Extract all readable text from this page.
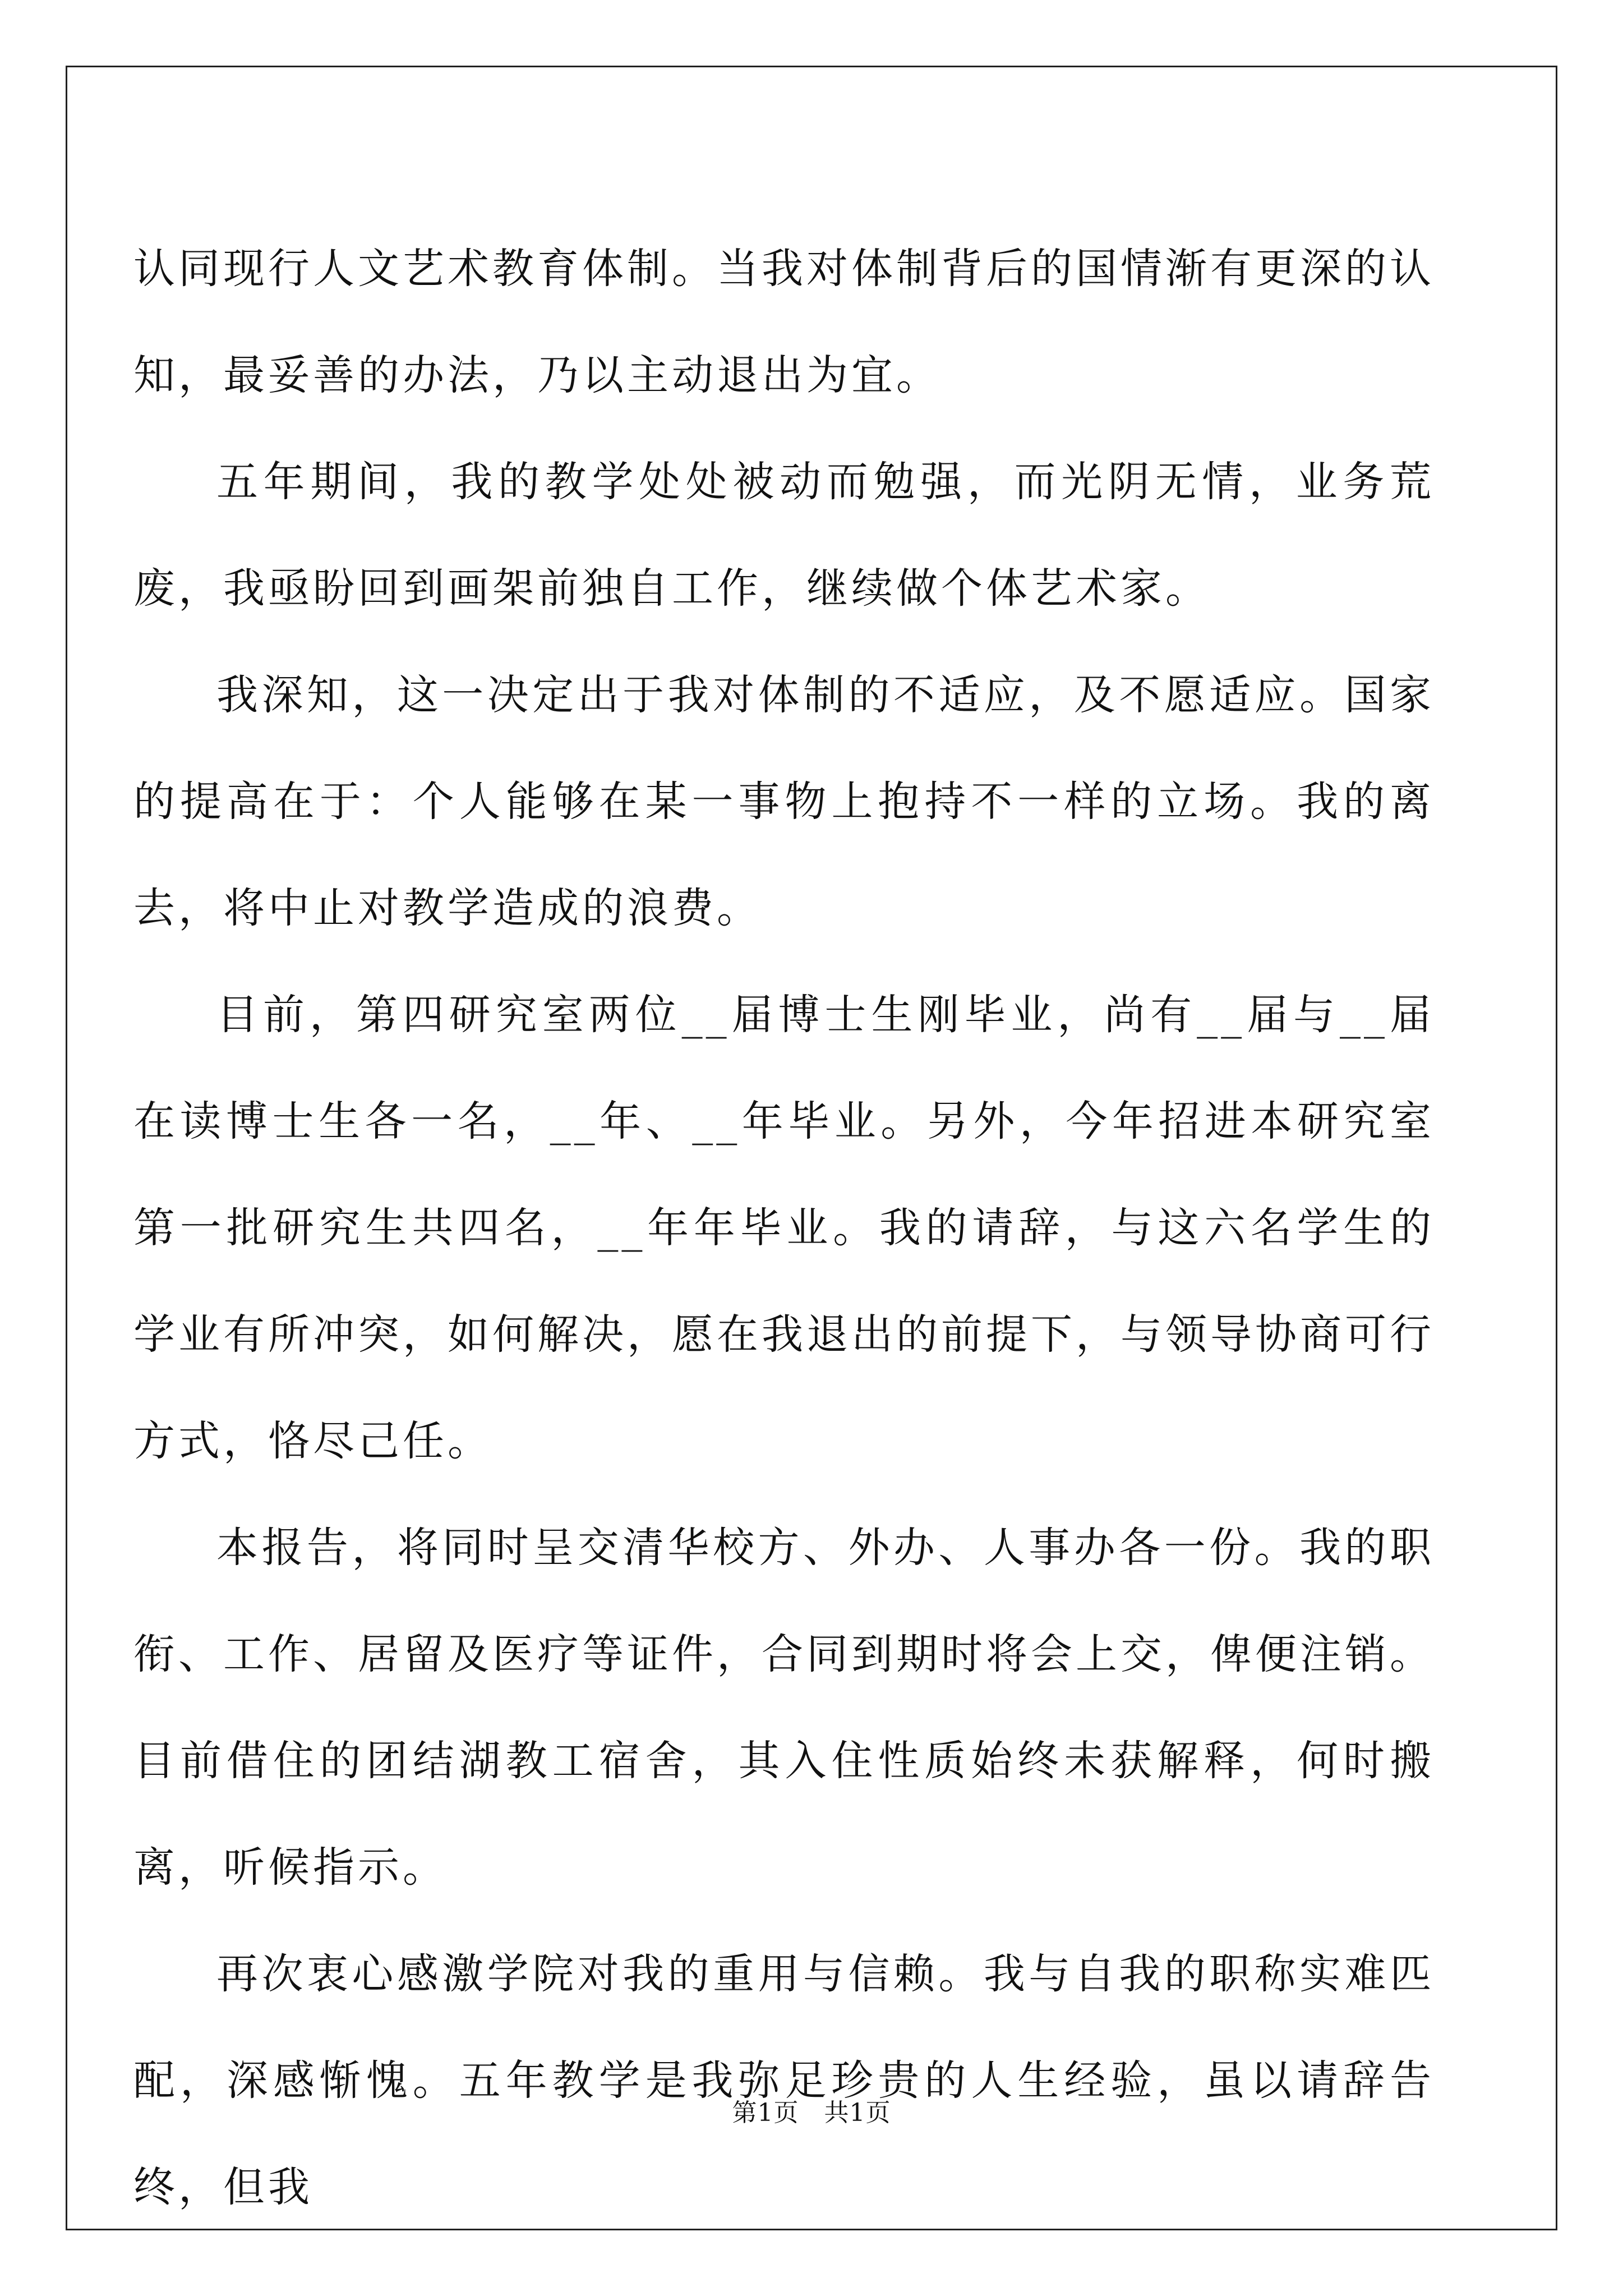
认同现行人文艺术教育体制。当我对体制背后的国情渐有更深的认知，最妥善的办法，乃以主动退出为宜。

五年期间，我的教学处处被动而勉强，而光阴无情，业务荒废，我亟盼回到画架前独自工作，继续做个体艺术家。

我深知，这一决定出于我对体制的不适应，及不愿适应。国家的提高在于：个人能够在某一事物上抱持不一样的立场。我的离去，将中止对教学造成的浪费。

目前，第四研究室两位__届博士生刚毕业，尚有__届与__届在读博士生各一名，__年、__年毕业。另外，今年招进本研究室第一批研究生共四名，__年年毕业。我的请辞，与这六名学生的学业有所冲突，如何解决，愿在我退出的前提下，与领导协商可行方式，恪尽己任。

本报告，将同时呈交清华校方、外办、人事办各一份。我的职衔、工作、居留及医疗等证件，合同到期时将会上交，俾便注销。目前借住的团结湖教工宿舍，其入住性质始终未获解释，何时搬离，听候指示。

再次衷心感激学院对我的重用与信赖。我与自我的职称实难匹配，深感惭愧。五年教学是我弥足珍贵的人生经验，虽以请辞告终，但我

第1页　共1页
